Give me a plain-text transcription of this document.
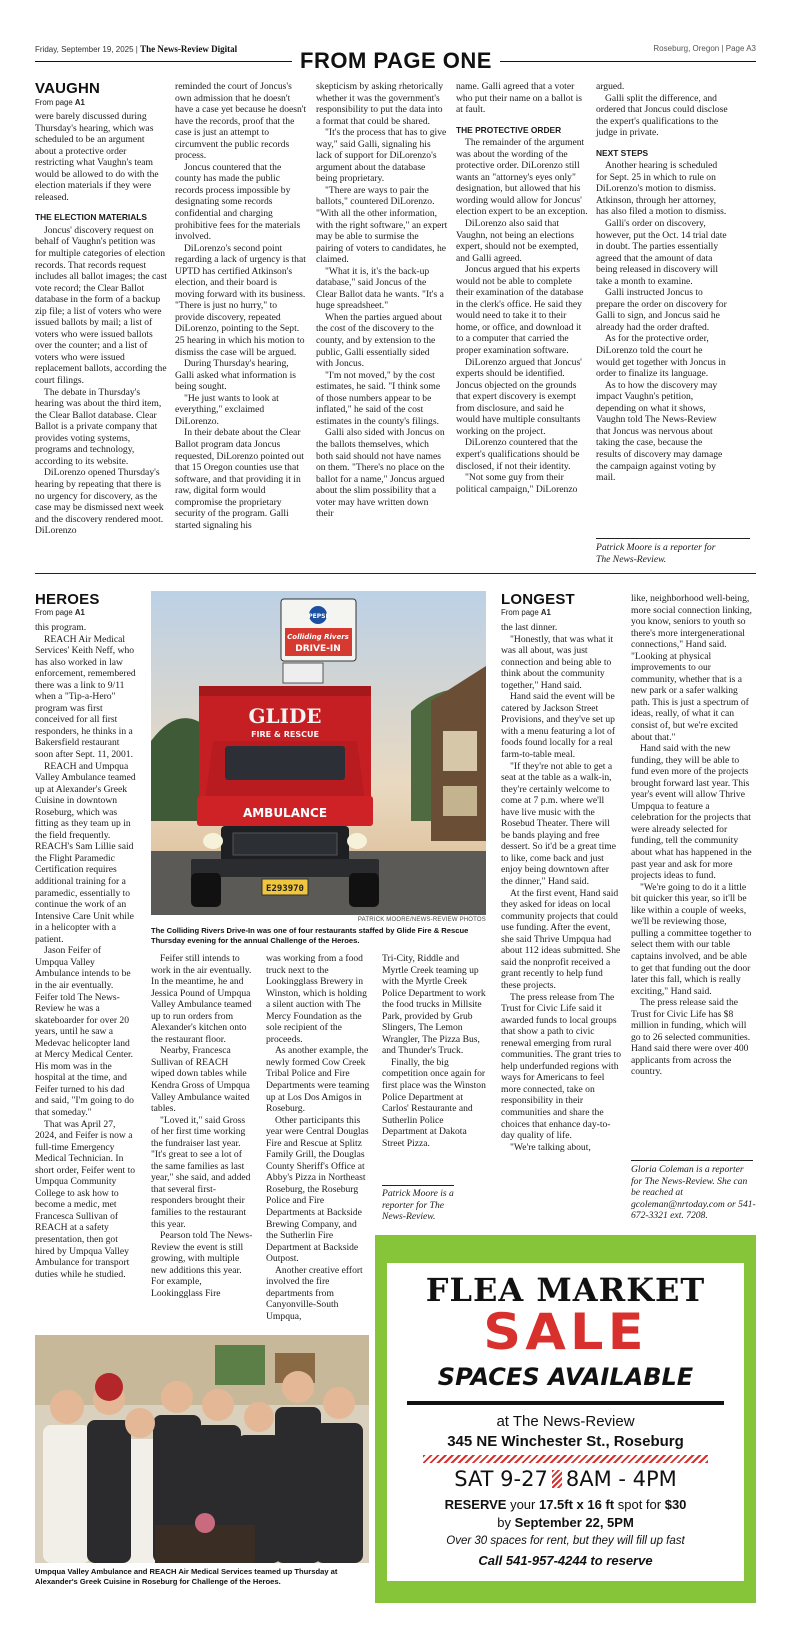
Friday, September 19, 2025 | The News-Review Digital	FROM PAGE ONE	Roseburg, Oregon | Page A3
VAUGHN
From page A1

were barely discussed during Thursday's hearing, which was scheduled to be an argument about a protective order restricting what Vaughn's team would be allowed to do with the election materials if they were released.

THE ELECTION MATERIALS

Joncus' discovery request on behalf of Vaughn's petition was for multiple categories of election records. That records request includes all ballot images; the cast vote record; the Clear Ballot database in the form of a backup zip file; a list of voters who were issued ballots by mail; a list of voters who were issued ballots over the counter; and a list of voters who were issued replacement ballots, according the court filings.

The debate in Thursday's hearing was about the third item, the Clear Ballot database. Clear Ballot is a private company that provides voting systems, programs and technology, according to its website.

DiLorenzo opened Thursday's hearing by repeating that there is no urgency for discovery, as the case may be dismissed next week and the discovery rendered moot. DiLorenzo

reminded the court of Joncus's own admission that he doesn't have a case yet because he doesn't have the records, proof that the case is just an attempt to circumvent the public records process.

Joncus countered that the county has made the public records process impossible by designating some records confidential and charging prohibitive fees for the materials involved.

DiLorenzo's second point regarding a lack of urgency is that UPTD has certified Atkinson's election, and their board is moving forward with its business. "There is just no hurry," to provide discovery, repeated DiLorenzo, pointing to the Sept. 25 hearing in which his motion to dismiss the case will be argued.

During Thursday's hearing, Galli asked what information is being sought.

"He just wants to look at everything," exclaimed DiLorenzo.

In their debate about the Clear Ballot program data Joncus requested, DiLorenzo pointed out that 15 Oregon counties use that software, and that providing it in raw, digital form would compromise the proprietary security of the program. Galli started signaling his

skepticism by asking rhetorically whether it was the government's responsibility to put the data into a format that could be shared.

"It's the process that has to give way," said Galli, signaling his lack of support for DiLorenzo's argument about the database being proprietary.

"There are ways to pair the ballots," countered DiLorenzo. "With all the other information, with the right software," an expert may be able to surmise the pairing of voters to candidates, he claimed.

"What it is, it's the back-up database," said Joncus of the Clear Ballot data he wants. "It's a huge spreadsheet."

When the parties argued about the cost of the discovery to the county, and by extension to the public, Galli essentially sided with Joncus.

"I'm not moved," by the cost estimates, he said. "I think some of those numbers appear to be inflated," he said of the cost estimates in the county's filings.

Galli also sided with Joncus on the ballots themselves, which both said should not have names on them. "There's no place on the ballot for a name," Joncus argued about the slim possibility that a voter may have written down their

name. Galli agreed that a voter who put their name on a ballot is at fault.

THE PROTECTIVE ORDER

The remainder of the argument was about the wording of the protective order. DiLorenzo still wants an "attorney's eyes only" designation, but allowed that his wording would allow for Joncus' election expert to be an exception.

DiLorenzo also said that Vaughn, not being an elections expert, should not be exempted, and Galli agreed.

Joncus argued that his experts would not be able to complete their examination of the database in the clerk's office. He said they would need to take it to their home, or office, and download it to a computer that carried the proper examination software.

DiLorenzo argued that Joncus' experts should be identified. Joncus objected on the grounds that expert discovery is exempt from disclosure, and said he would have multiple consultants working on the project.

DiLorenzo countered that the expert's qualifications should be disclosed, if not their identity.

"Not some guy from their political campaign," DiLorenzo

argued.

Galli split the difference, and ordered that Joncus could disclose the expert's qualifications to the judge in private.

NEXT STEPS

Another hearing is scheduled for Sept. 25 in which to rule on DiLorenzo's motion to dismiss. Atkinson, through her attorney, has also filed a motion to dismiss.

Galli's order on discovery, however, put the Oct. 14 trial date in doubt. The parties essentially agreed that the amount of data being released in discovery will take a month to examine.

Galli instructed Joncus to prepare the order on discovery for Galli to sign, and Joncus said he already had the order drafted.

As for the protective order, DiLorenzo told the court he would get together with Joncus in order to finalize its language.

As to how the discovery may impact Vaughn's petition, depending on what it shows, Vaughn told The News-Review that Joncus was nervous about taking the case, because the results of discovery may damage the campaign against voting by mail.

Patrick Moore is a reporter for The News-Review.
HEROES
From page A1

this program.

REACH Air Medical Services' Keith Neff, who has also worked in law enforcement, remembered there was a link to 9/11 when a "Tip-a-Hero" program was first conceived for all first responders, he thinks in a Bakersfield restaurant soon after Sept. 11, 2001.

REACH and Umpqua Valley Ambulance teamed up at Alexander's Greek Cuisine in downtown Roseburg, which was fitting as they team up in the field frequently. REACH's Sam Lillie said the Flight Paramedic Certification requires additional training for a paramedic, essentially to continue the work of an Intensive Care Unit while in a helicopter with a patient.

Jason Feifer of Umpqua Valley Ambulance intends to be in the air eventually. Feifer told The News-Review he was a skateboarder for over 20 years, until he saw a Medevac helicopter land at Mercy Medical Center. His mom was in the hospital at the time, and Feifer turned to his dad and said, "I'm going to do that someday."

That was April 27, 2024, and Feifer is now a full-time Emergency Medical Technician. In short order, Feifer went to Umpqua Community College to ask how to become a medic, met Francesca Sullivan of REACH at a safety presentation, then got hired by Umpqua Valley Ambulance for transport duties while he studied.

PEPSI
Colliding Rivers
DRIVE-IN
GLIDE
FIRE & RESCUE
AMBULANCE
E293970
PATRICK MOORE/NEWS-REVIEW PHOTOS
The Colliding Rivers Drive-In was one of four restaurants staffed by Glide Fire & Rescue Thursday evening for the annual Challenge of the Heroes.

Feifer still intends to work in the air eventually. In the meantime, he and Jessica Pound of Umpqua Valley Ambulance teamed up to run orders from Alexander's kitchen onto the restaurant floor.

Nearby, Francesca Sullivan of REACH wiped down tables while Kendra Gross of Umpqua Valley Ambulance waited tables.

"Loved it," said Gross of her first time working the fundraiser last year. "It's great to see a lot of the same families as last year," she said, and added that several first-responders brought their families to the restaurant this year.

Pearson told The News-Review the event is still growing, with multiple new additions this year. For example, Lookingglass Fire

was working from a food truck next to the Lookingglass Brewery in Winston, which is holding a silent auction with The Mercy Foundation as the sole recipient of the proceeds.

As another example, the newly formed Cow Creek Tribal Police and Fire Departments were teaming up at Los Dos Amigos in Roseburg.

Other participants this year were Central Douglas Fire and Rescue at Splitz Family Grill, the Douglas County Sheriff's Office at Abby's Pizza in Northeast Roseburg, the Roseburg Police and Fire Departments at Backside Brewing Company, and the Sutherlin Fire Department at Backside Outpost.

Another creative effort involved the fire departments from Canyonville-South Umpqua,

Tri-City, Riddle and Myrtle Creek teaming up with the Myrtle Creek Police Department to work the food trucks in Millsite Park, provided by Grub Slingers, The Lemon Wrangler, The Pizza Bus, and Thunder's Truck.

Finally, the big competition once again for first place was the Winston Police Department at Carlos' Restaurante and Sutherlin Police Department at Dakota Street Pizza.

Patrick Moore is a reporter for The News-Review.
Umpqua Valley Ambulance and REACH Air Medical Services teamed up Thursday at Alexander's Greek Cuisine in Roseburg for Challenge of the Heroes.
LONGEST
From page A1

the last dinner.

"Honestly, that was what it was all about, was just connection and being able to think about the community together," Hand said.

Hand said the event will be catered by Jackson Street Provisions, and they've set up with a menu featuring a lot of foods found locally for a real farm-to-table meal.

"If they're not able to get a seat at the table as a walk-in, they're certainly welcome to come at 7 p.m. where we'll have live music with the Rosebud Theater. There will be bands playing and free dessert. So it'd be a great time to like, come back and just enjoy being downtown after the dinner," Hand said.

At the first event, Hand said they asked for ideas on local community projects that could use funding. After the event, she said Thrive Umpqua had about 112 ideas submitted. She said the nonprofit received a grant recently to help fund these projects.

The press release from The Trust for Civic Life said it awarded funds to local groups that show a path to civic renewal emerging from rural communities. The grant tries to help underfunded regions with ways for Americans to feel more connected, take on responsibility in their communities and share the choices that enhance day-to-day quality of life.

"We're talking about,

like, neighborhood well-being, more social connection linking, you know, seniors to youth so there's more intergenerational connections," Hand said. "Looking at physical improvements to our community, whether that is a new park or a safer walking path. This is just a spectrum of ideas, really, of what it can consist of, but we're excited about that."

Hand said with the new funding, they will be able to fund even more of the projects brought forward last year. This year's event will allow Thrive Umpqua to feature a celebration for the projects that were already selected for funding, tell the community about what has happened in the past year and ask for more projects ideas to fund.

"We're going to do it a little bit quicker this year, so it'll be like within a couple of weeks, we'll be reviewing those, pulling a committee together to select them with our table captains involved, and be able to get that funding out the door later this fall, which is really exciting," Hand said.

The press release said the Trust for Civic Life has $8 million in funding, which will go to 26 selected communities. Hand said there were over 400 applicants from across the country.

Gloria Coleman is a reporter for The News-Review. She can be reached at gcoleman@nrtoday.com or 541-672-3321 ext. 7208.
FLEA MARKET
SALE
SPACES AVAILABLE
at The News-Review
345 NE Winchester St., Roseburg
SAT 9-27 8AM - 4PM
RESERVE your 17.5ft x 16 ft spot for $30
by September 22, 5PM
Over 30 spaces for rent, but they will fill up fast
Call 541-957-4244 to reserve
